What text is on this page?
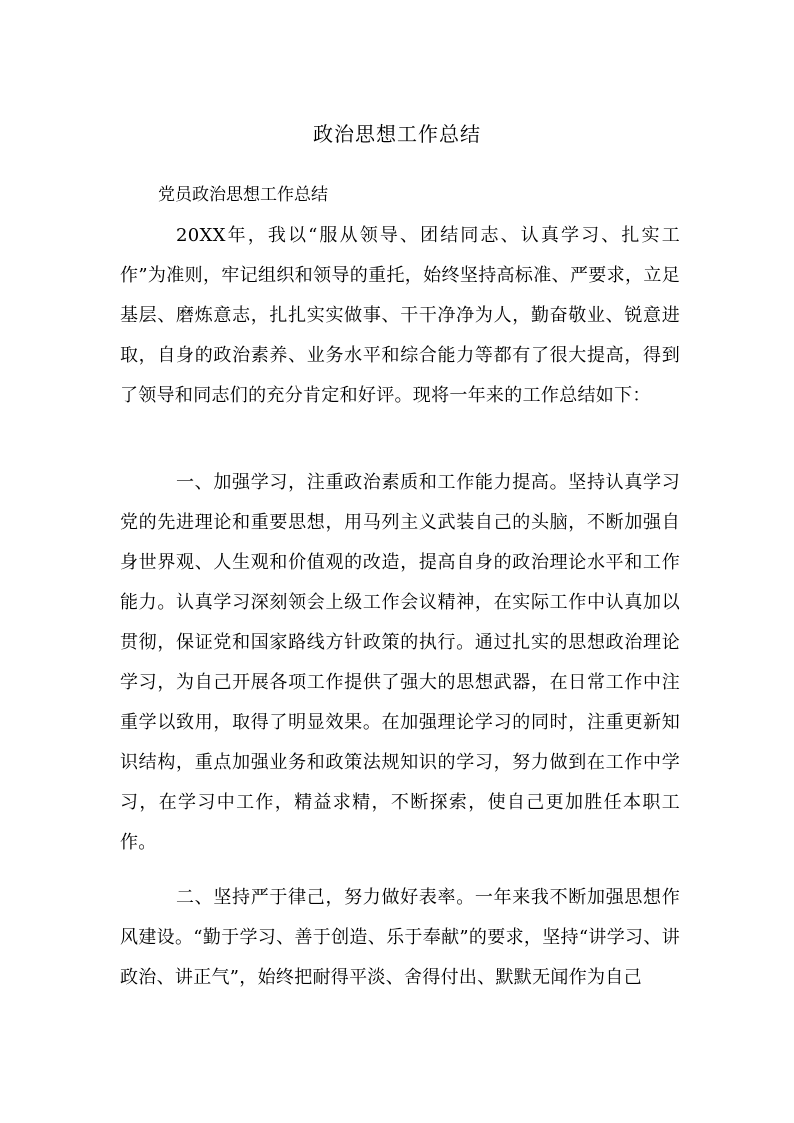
政治思想工作总结

党员政治思想工作总结

20XX年，我以“服从领导、团结同志、认真学习、扎实工作”为准则，牢记组织和领导的重托，始终坚持高标准、严要求，立足基层、磨炼意志，扎扎实实做事、干干净净为人，勤奋敬业、锐意进取，自身的政治素养、业务水平和综合能力等都有了很大提高，得到了领导和同志们的充分肯定和好评。现将一年来的工作总结如下：

一、加强学习，注重政治素质和工作能力提高。坚持认真学习党的先进理论和重要思想，用马列主义武装自己的头脑，不断加强自身世界观、人生观和价值观的改造，提高自身的政治理论水平和工作能力。认真学习深刻领会上级工作会议精神，在实际工作中认真加以贯彻，保证党和国家路线方针政策的执行。通过扎实的思想政治理论学习，为自己开展各项工作提供了强大的思想武器，在日常工作中注重学以致用，取得了明显效果。在加强理论学习的同时，注重更新知识结构，重点加强业务和政策法规知识的学习，努力做到在工作中学习，在学习中工作，精益求精，不断探索，使自己更加胜任本职工作。

二、坚持严于律己，努力做好表率。一年来我不断加强思想作风建设。“勤于学习、善于创造、乐于奉献”的要求，坚持“讲学习、讲政治、讲正气”，始终把耐得平淡、舍得付出、默默无闻作为自己
